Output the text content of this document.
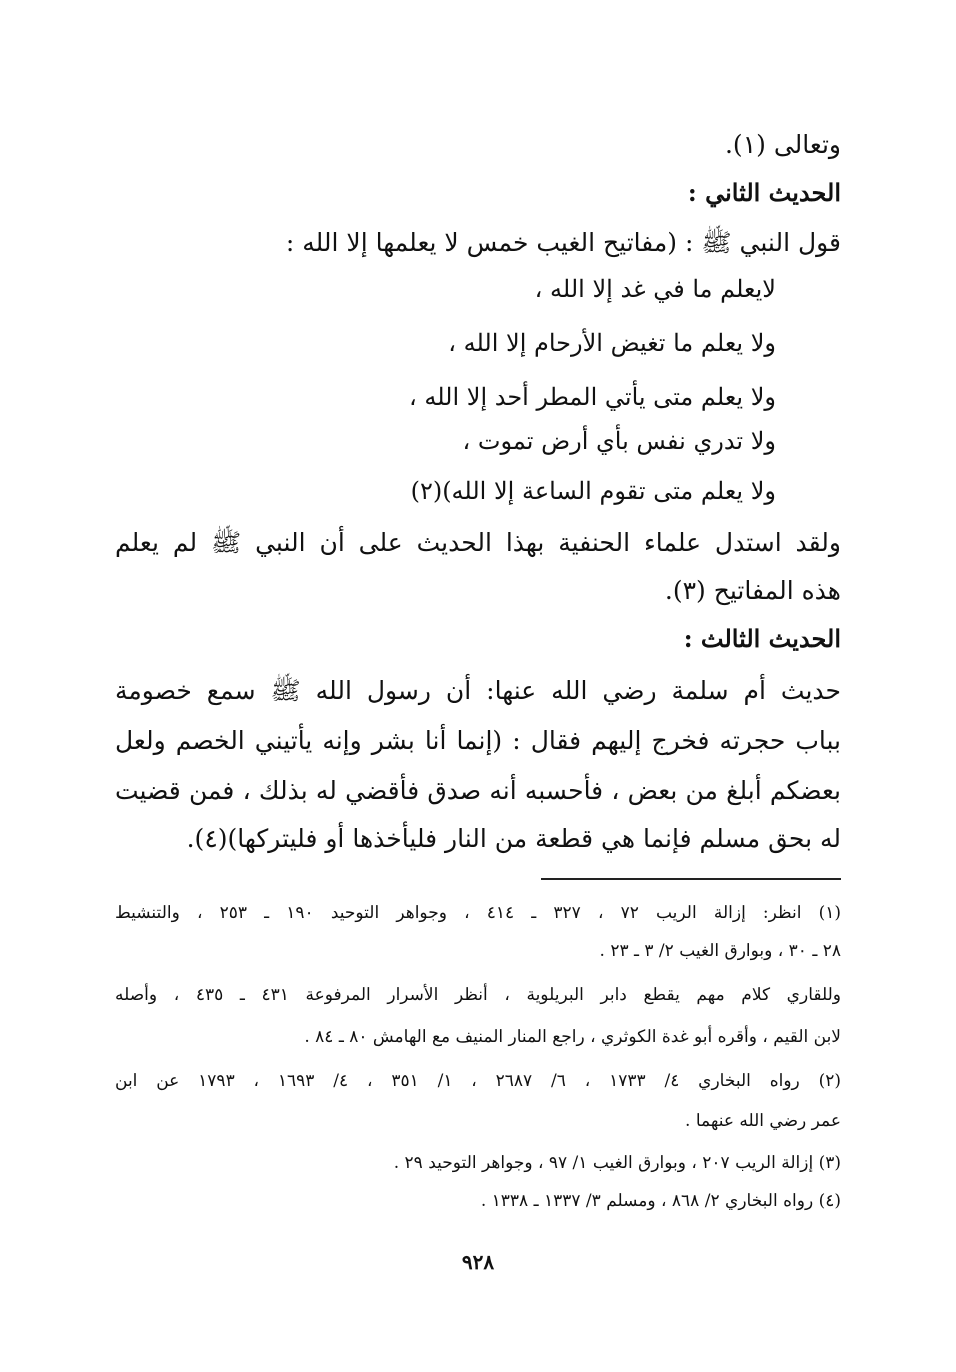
وتعالى (١).
الحديث الثاني :
قول النبي ﷺ : (مفاتيح الغيب خمس لا يعلمها إلا الله :
لايعلم ما في غد إلا الله ،
ولا يعلم ما تغيض الأرحام إلا الله ،
ولا يعلم متى يأتي المطر أحد إلا الله ،
ولا تدري نفس بأي أرض تموت ،
ولا يعلم متى تقوم الساعة إلا الله)(٢)
ولقد استدل علماء الحنفية بهذا الحديث على أن النبي ﷺ لم يعلم
هذه المفاتيح (٣).
الحديث الثالث :
حديث أم سلمة رضي الله عنها: أن رسول الله ﷺ سمع خصومة
بباب حجرته فخرج إليهم فقال : (إنما أنا بشر وإنه يأتيني الخصم ولعل
بعضكم أبلغ من بعض ، فأحسبه أنه صدق فأقضي له بذلك ، فمن قضيت
له بحق مسلم فإنما هي قطعة من النار فليأخذها أو فليتركها)(٤).
(١) انظر: إزالة الريب ٧٢ ، ٣٢٧ ـ ٤١٤ ، وجواهر التوحيد ١٩٠ ـ ٢٥٣ ، والتنشيط
٢٨ ـ ٣٠ ، وبوارق الغيب ٢/ ٣ ـ ٢٣ .
وللقاري كلام مهم يقطع دابر البريلوية ، أنظر الأسرار المرفوعة ٤٣١ ـ ٤٣٥ ، وأصله
لابن القيم ، وأقره أبو غدة الكوثري ، راجع المنار المنيف مع الهامش ٨٠ ـ ٨٤ .
(٢) رواه البخاري ٤/ ١٧٣٣ ، ٦/ ٢٦٨٧ ، ١/ ٣٥١ ، ٤/ ١٦٩٣ ، ١٧٩٣ عن ابن
عمر رضي الله عنهما .
(٣) إزالة الريب ٢٠٧ ، وبوارق الغيب ١/ ٩٧ ، وجواهر التوحيد ٢٩ .
(٤) رواه البخاري ٢/ ٨٦٨ ، ومسلم ٣/ ١٣٣٧ ـ ١٣٣٨ .
٩٢٨
